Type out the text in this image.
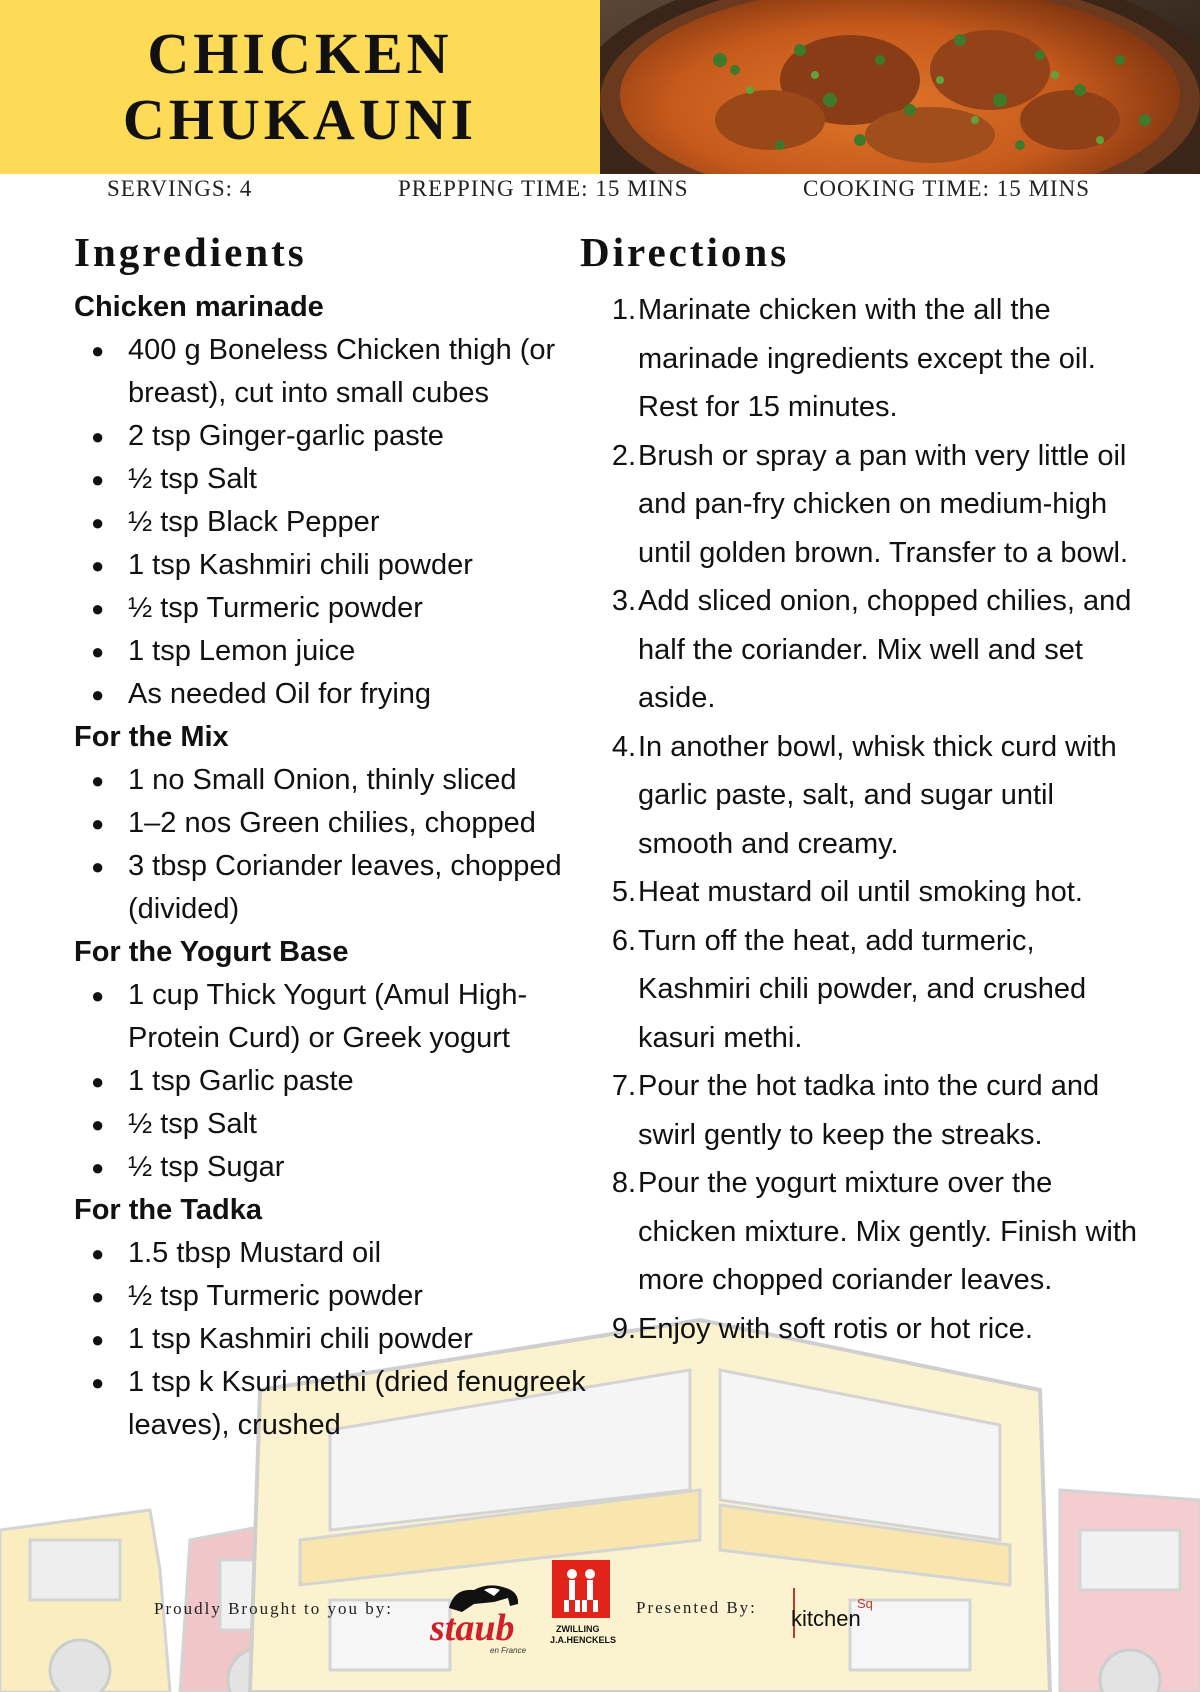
CHICKEN
CHUKAUNI
SERVINGS: 4	PREPPING TIME: 15 MINS	COOKING TIME: 15 MINS
Ingredients
Chicken marinade
● 400 g Boneless Chicken thigh (or breast), cut into small cubes
● 2 tsp Ginger-garlic paste
● ½ tsp Salt
● ½ tsp Black Pepper
● 1 tsp Kashmiri chili powder
● ½ tsp Turmeric powder
● 1 tsp Lemon juice
● As needed Oil for frying
For the Mix
● 1 no Small Onion, thinly sliced
● 1–2 nos Green chilies, chopped
● 3 tbsp Coriander leaves, chopped (divided)
For the Yogurt Base
● 1 cup Thick Yogurt (Amul High-Protein Curd) or Greek yogurt
● 1 tsp Garlic paste
● ½ tsp Salt
● ½ tsp Sugar
For the Tadka
● 1.5 tbsp Mustard oil
● ½ tsp Turmeric powder
● 1 tsp Kashmiri chili powder
● 1 tsp k Ksuri methi (dried fenugreek leaves), crushed
Directions
1. Marinate chicken with the all the marinade ingredients except the oil. Rest for 15 minutes.
2. Brush or spray a pan with very little oil and pan-fry chicken on medium-high until golden brown. Transfer to a bowl.
3. Add sliced onion, chopped chilies, and half the coriander. Mix well and set aside.
4. In another bowl, whisk thick curd with garlic paste, salt, and sugar until smooth and creamy.
5. Heat mustard oil until smoking hot.
6. Turn off the heat, add turmeric, Kashmiri chili powder, and crushed kasuri methi.
7. Pour the hot tadka into the curd and swirl gently to keep the streaks.
8. Pour the yogurt mixture over the chicken mixture. Mix gently. Finish with more chopped coriander leaves.
9. Enjoy with soft rotis or hot rice.
Proudly Brought to you by: staub
en France
ZWILLING
J.A.HENCKELS
Presented By: kitchen
Sq
